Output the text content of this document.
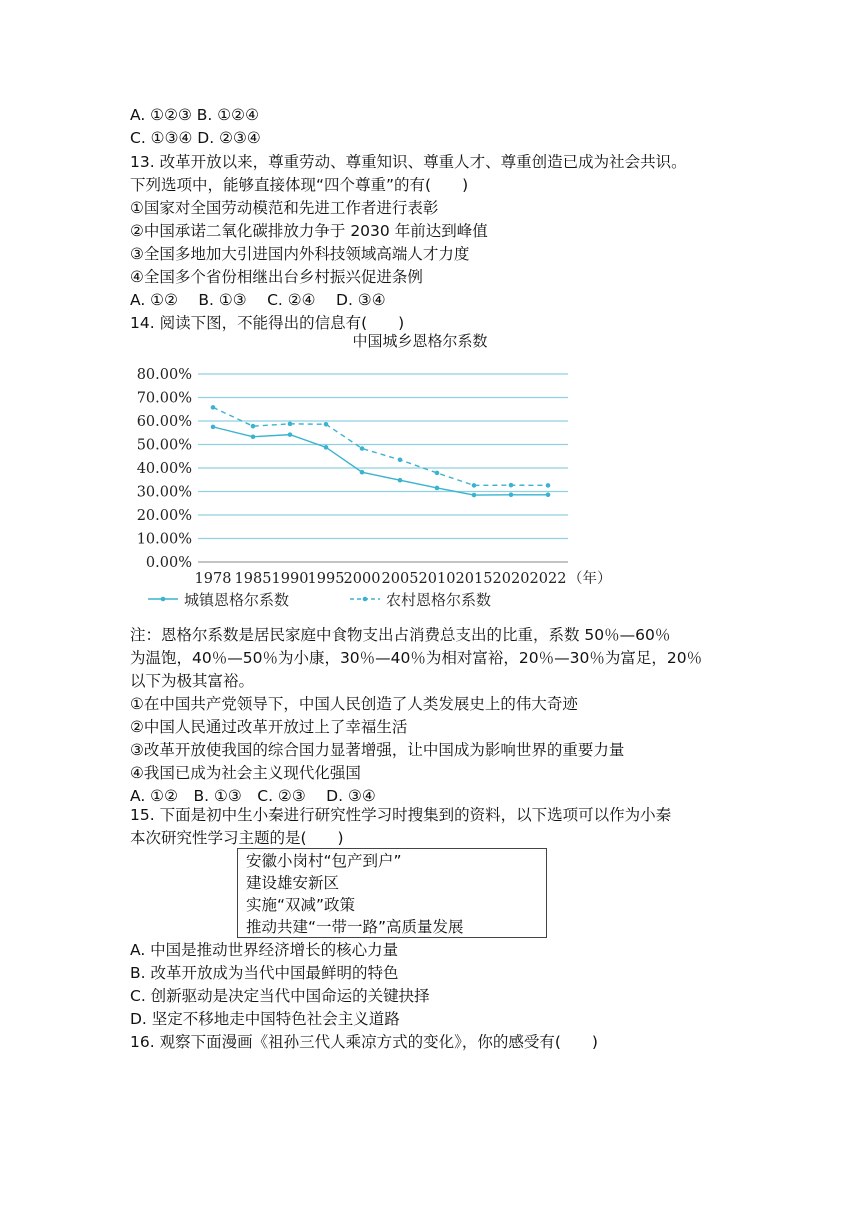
A. ①②③ B. ①②④
C. ①③④ D. ②③④
13. 改革开放以来，尊重劳动、尊重知识、尊重人才、尊重创造已成为社会共识。
下列选项中，能够直接体现“四个尊重”的有(　　)
①国家对全国劳动模范和先进工作者进行表彰
②中国承诺二氧化碳排放力争于 2030 年前达到峰值
③全国多地加大引进国内外科技领域高端人才力度
④全国多个省份相继出台乡村振兴促进条例
A. ①②　 B. ①③　 C. ②④　 D. ③④
14. 阅读下图，不能得出的信息有(　　)
中国城乡恩格尔系数
0.00%
10.00%
20.00%
30.00%
40.00%
50.00%
60.00%
70.00%
80.00%
1978 1985 1990 1995 2000 2005 2010 2015 2020 2022 （年）
城镇恩格尔系数	农村恩格尔系数
注：恩格尔系数是居民家庭中食物支出占消费总支出的比重，系数 50％—60％
为温饱，40％—50％为小康，30％—40％为相对富裕，20％—30％为富足，20％
以下为极其富裕。
①在中国共产党领导下，中国人民创造了人类发展史上的伟大奇迹
②中国人民通过改革开放过上了幸福生活
③改革开放使我国的综合国力显著增强，让中国成为影响世界的重要力量
④我国已成为社会主义现代化强国
A. ①②　B. ①③　C. ②③　 D. ③④
15. 下面是初中生小秦进行研究性学习时搜集到的资料，以下选项可以作为小秦
本次研究性学习主题的是(　　)
安徽小岗村“包产到户”
建设雄安新区
实施“双减”政策
推动共建“一带一路”高质量发展
A. 中国是推动世界经济增长的核心力量
B. 改革开放成为当代中国最鲜明的特色
C. 创新驱动是决定当代中国命运的关键抉择
D. 坚定不移地走中国特色社会主义道路
16. 观察下面漫画《祖孙三代人乘凉方式的变化》，你的感受有(　　)
